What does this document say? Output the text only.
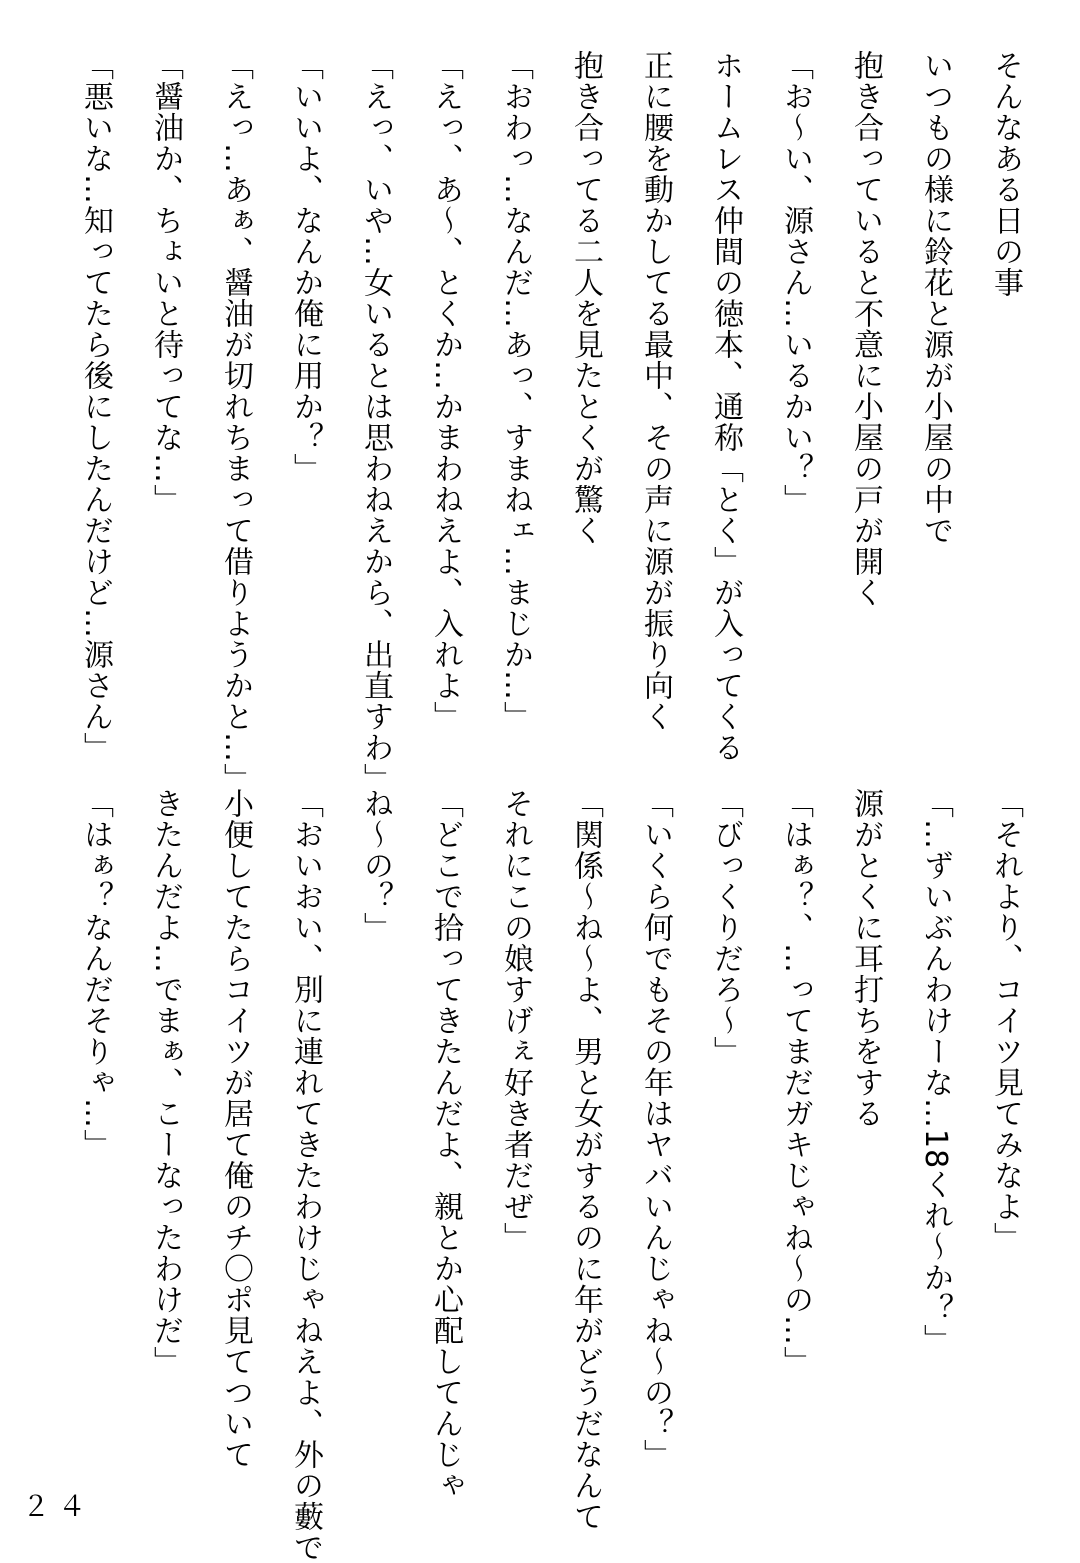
そんなある日の事
いつもの様に鈴花と源が小屋の中で
抱き合っていると不意に小屋の戸が開く
「お～い、源さん…いるかい？」
ホームレス仲間の徳本、通称「とく」が入ってくる
正に腰を動かしてる最中、その声に源が振り向く
抱き合ってる二人を見たとくが驚く
「おわっ…なんだ…あっ、すまねェ…まじか…」
「えっ、あ～、とくか…かまわねえよ、入れよ」
「えっ、いや…女いるとは思わねえから、出直すわ」
「いいよ、なんか俺に用か？」
「えっ…あぁ、醤油が切れちまって借りようかと…」
「醤油か、ちょいと待ってな…」
「悪いな…知ってたら後にしたんだけど…源さん」
「それより、コイツ見てみなよ」
「…ずいぶんわけーな…18くれ～か？」
源がとくに耳打ちをする
「はぁ？、…ってまだガキじゃね～の…」
「びっくりだろ～」
「いくら何でもその年はヤバいんじゃね～の？」
「関係～ね～よ、男と女がするのに年がどうだなんて
それにこの娘すげぇ好き者だぜ」
「どこで拾ってきたんだよ、親とか心配してんじゃ
ね～の？」
「おいおい、別に連れてきたわけじゃねえよ、外の藪で
小便してたらコイツが居て俺のチ〇ポ見てついて
きたんだよ…でまぁ、こーなったわけだ」
「はぁ？なんだそりゃ…」
２４
